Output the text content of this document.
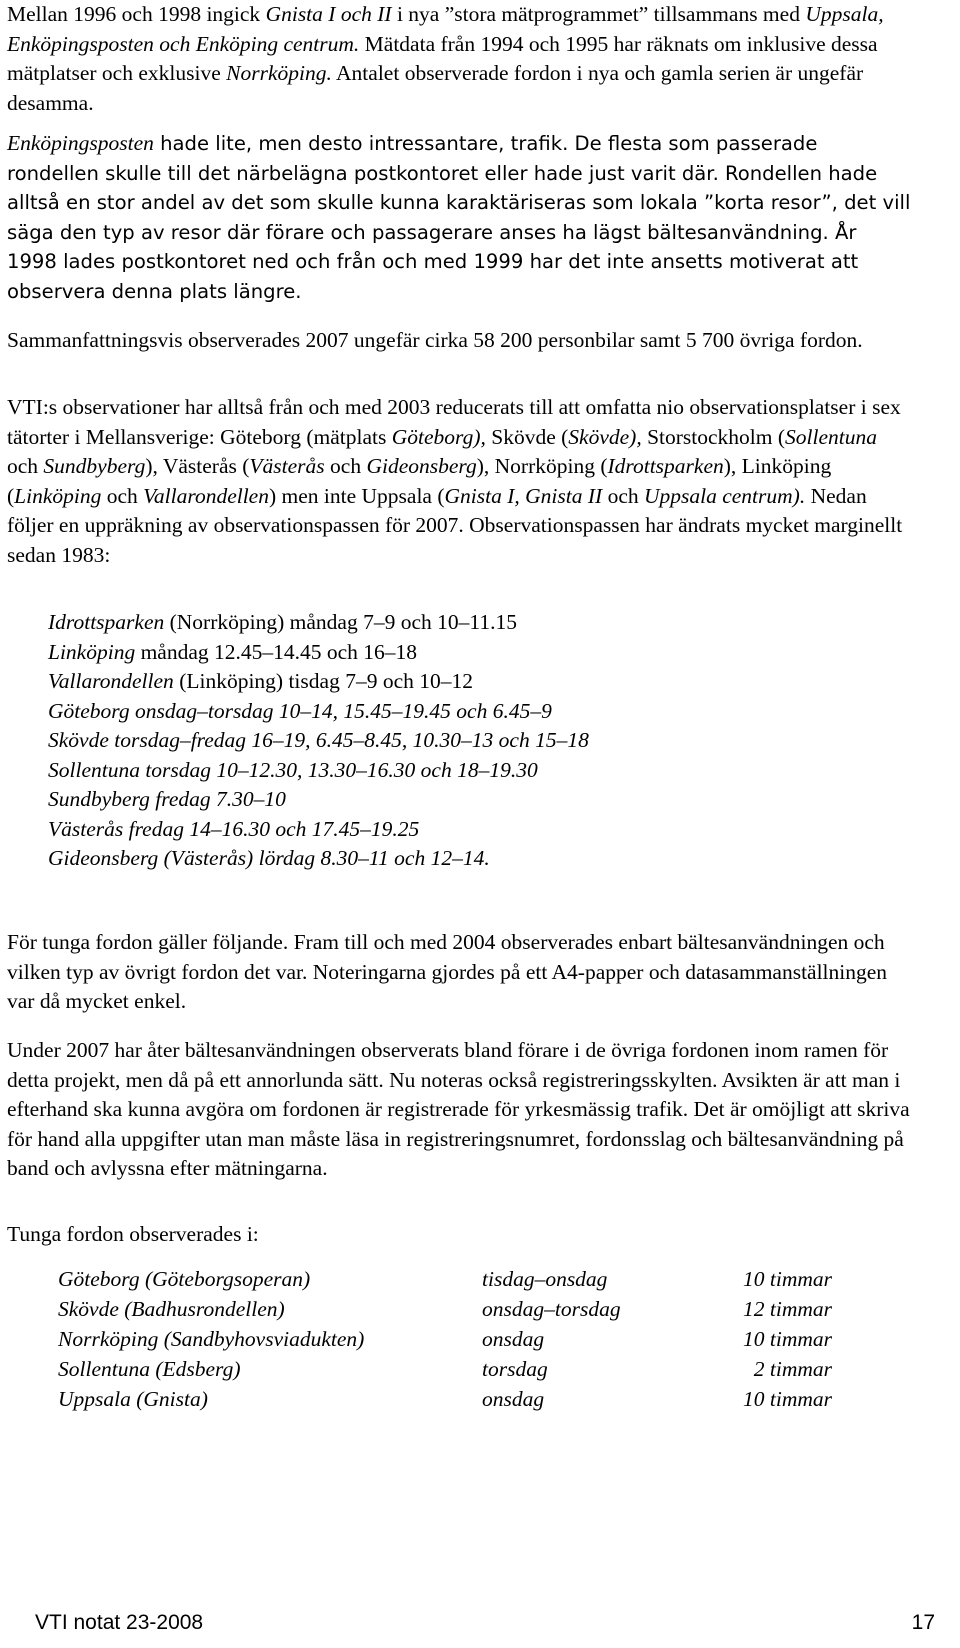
Mellan 1996 och 1998 ingick Gnista I och II i nya ”stora mätprogrammet” tillsammans med Uppsala, Enköpingsposten och Enköping centrum. Mätdata från 1994 och 1995 har räknats om inklusive dessa mätplatser och exklusive Norrköping. Antalet observerade fordon i nya och gamla serien är ungefär desamma.

Enköpingsposten hade lite, men desto intressantare, trafik. De flesta som passerade rondellen skulle till det närbelägna postkontoret eller hade just varit där. Rondellen hade alltså en stor andel av det som skulle kunna karaktäriseras som lokala ”korta resor”, det vill säga den typ av resor där förare och passagerare anses ha lägst bältesanvändning. År 1998 lades postkontoret ned och från och med 1999 har det inte ansetts motiverat att observera denna plats längre.

Sammanfattningsvis observerades 2007 ungefär cirka 58 200 personbilar samt 5 700 övriga fordon.

VTI:s observationer har alltså från och med 2003 reducerats till att omfatta nio observationsplatser i sex tätorter i Mellansverige: Göteborg (mätplats Göteborg), Skövde (Skövde), Storstockholm (Sollentuna och Sundbyberg), Västerås (Västerås och Gideonsberg), Norrköping (Idrottsparken), Linköping (Linköping och Vallarondellen) men inte Uppsala (Gnista I, Gnista II och Uppsala centrum). Nedan följer en uppräkning av observationspassen för 2007. Observationspassen har ändrats mycket marginellt sedan 1983:

Idrottsparken (Norrköping) måndag 7–9 och 10–11.15
Linköping måndag 12.45–14.45 och 16–18
Vallarondellen (Linköping) tisdag 7–9 och 10–12
Göteborg onsdag–torsdag 10–14, 15.45–19.45 och 6.45–9
Skövde torsdag–fredag 16–19, 6.45–8.45, 10.30–13 och 15–18
Sollentuna torsdag 10–12.30, 13.30–16.30 och 18–19.30
Sundbyberg fredag 7.30–10
Västerås fredag 14–16.30 och 17.45–19.25
Gideonsberg (Västerås) lördag 8.30–11 och 12–14.

För tunga fordon gäller följande. Fram till och med 2004 observerades enbart bältesanvändningen och vilken typ av övrigt fordon det var. Noteringarna gjordes på ett A4-papper och datasammanställningen var då mycket enkel.

Under 2007 har åter bältesanvändningen observerats bland förare i de övriga fordonen inom ramen för detta projekt, men då på ett annorlunda sätt. Nu noteras också registreringsskylten. Avsikten är att man i efterhand ska kunna avgöra om fordonen är registrerade för yrkesmässig trafik. Det är omöjligt att skriva för hand alla uppgifter utan man måste läsa in registreringsnumret, fordonsslag och bältesanvändning på band och avlyssna efter mätningarna.

Tunga fordon observerades i:

Göteborg (Göteborgsoperan)	tisdag–onsdag	10 timmar
Skövde (Badhusrondellen)	onsdag–torsdag	12 timmar
Norrköping (Sandbyhovsviadukten)	onsdag	10 timmar
Sollentuna (Edsberg)	torsdag	2 timmar
Uppsala (Gnista)	onsdag	10 timmar
VTI notat 23-2008	17
